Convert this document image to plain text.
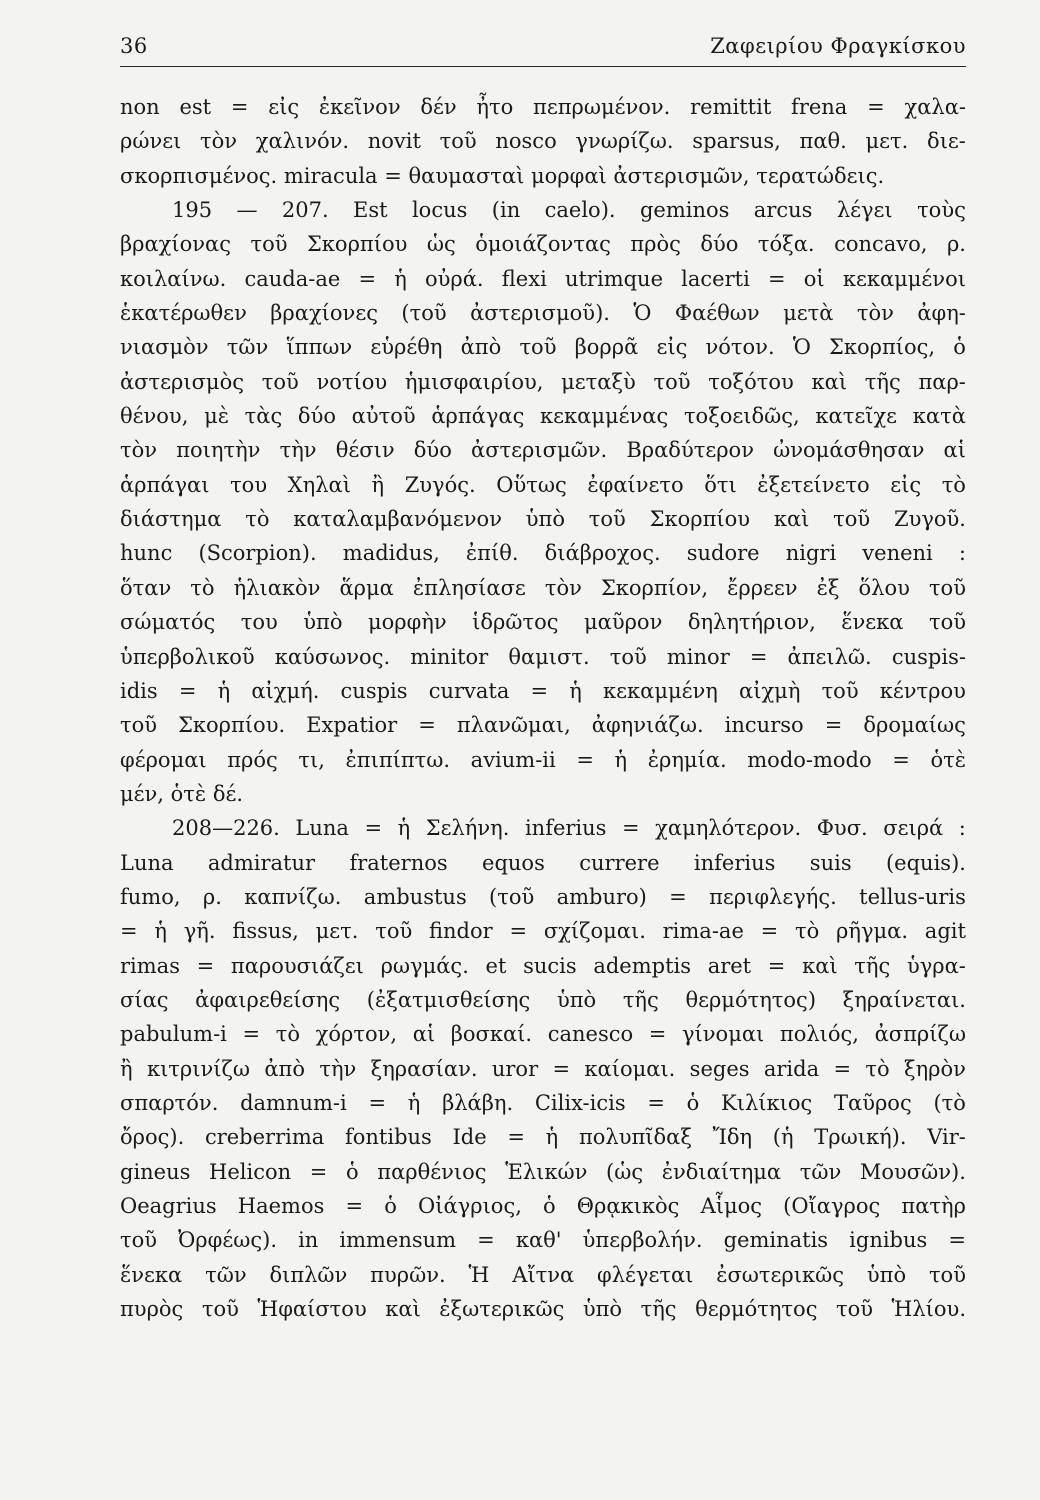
36	Ζαφειρίου Φραγκίσκου
non est = εἰς ἐκεῖνον δέν ἦτο πεπρωμένον. remittit frena = χαλα-
ρώνει τὸν χαλινόν. novit τοῦ nosco γνωρίζω. sparsus, παθ. μετ. διε-
σκορπισμένος. miracula = θαυμασταὶ μορφαὶ ἀστερισμῶν, τερατώδεις.
195 — 207. Est locus (in caelo). geminos arcus λέγει τοὺς
βραχίονας τοῦ Σκορπίου ὡς ὁμοιάζοντας πρὸς δύο τόξα. concavo, ρ.
κοιλαίνω. cauda-ae = ἡ οὐρά. flexi utrimque lacerti = οἱ κεκαμμένοι
ἑκατέρωθεν βραχίονες (τοῦ ἀστερισμοῦ). Ὁ Φαέθων μετὰ τὸν ἀφη-
νιασμὸν τῶν ἵππων εὑρέθη ἀπὸ τοῦ βορρᾶ εἰς νότον. Ὁ Σκορπίος, ὁ
ἀστερισμὸς τοῦ νοτίου ἡμισφαιρίου, μεταξὺ τοῦ τοξότου καὶ τῆς παρ-
θένου, μὲ τὰς δύο αὐτοῦ ἁρπάγας κεκαμμένας τοξοειδῶς, κατεῖχε κατὰ
τὸν ποιητὴν τὴν θέσιν δύο ἀστερισμῶν. Βραδύτερον ὠνομάσθησαν αἱ
ἁρπάγαι του Χηλαὶ ἢ Ζυγός. Οὕτως ἐφαίνετο ὅτι ἐξετείνετο εἰς τὸ
διάστημα τὸ καταλαμβανόμενον ὑπὸ τοῦ Σκορπίου καὶ τοῦ Ζυγοῦ.
hunc (Scorpion). madidus, ἐπίθ. διάβροχος. sudore nigri veneni :
ὅταν τὸ ἡλιακὸν ἅρμα ἐπλησίασε τὸν Σκορπίον, ἔρρεεν ἐξ ὅλου τοῦ
σώματός του ὑπὸ μορφὴν ἱδρῶτος μαῦρον δηλητήριον, ἕνεκα τοῦ
ὑπερβολικοῦ καύσωνος. minitor θαμιστ. τοῦ minor = ἀπειλῶ. cuspis-
idis = ἡ αἰχμή. cuspis curvata = ἡ κεκαμμένη αἰχμὴ τοῦ κέντρου
τοῦ Σκορπίου. Expatior = πλανῶμαι, ἀφηνιάζω. incurso = δρομαίως
φέρομαι πρός τι, ἐπιπίπτω. avium-ii = ἡ ἐρημία. modo-modo = ὁτὲ
μέν, ὁτὲ δέ.
208—226. Luna = ἡ Σελήνη. inferius = χαμηλότερον. Φυσ. σειρά :
Luna admiratur fraternos equos currere inferius suis (equis).
fumo, ρ. καπνίζω. ambustus (τοῦ amburo) = περιφλεγής. tellus-uris
= ἡ γῆ. fissus, μετ. τοῦ findor = σχίζομαι. rima-ae = τὸ ρῆγμα. agit
rimas = παρουσιάζει ρωγμάς. et sucis ademptis aret = καὶ τῆς ὑγρα-
σίας ἀφαιρεθείσης (ἐξατμισθείσης ὑπὸ τῆς θερμότητος) ξηραίνεται.
pabulum-i = τὸ χόρτον, αἱ βοσκαί. canesco = γίνομαι πολιός, ἀσπρίζω
ἢ κιτρινίζω ἀπὸ τὴν ξηρασίαν. uror = καίομαι. seges arida = τὸ ξηρὸν
σπαρτόν. damnum-i = ἡ βλάβη. Cilix-icis = ὁ Κιλίκιος Ταῦρος (τὸ
ὄρος). creberrima fontibus Ide = ἡ πολυπῖδαξ Ἴδη (ἡ Τρωική). Vir-
gineus Helicon = ὁ παρθένιος Ἑλικών (ὡς ἐνδιαίτημα τῶν Μουσῶν).
Oeagrius Haemos = ὁ Οἰάγριος, ὁ Θρᾳκικὸς Αἷμος (Οἴαγρος πατὴρ
τοῦ Ὀρφέως). in immensum = καθ' ὑπερβολήν. geminatis ignibus =
ἕνεκα τῶν διπλῶν πυρῶν. Ἡ Αἴτνα φλέγεται ἐσωτερικῶς ὑπὸ τοῦ
πυρὸς τοῦ Ἡφαίστου καὶ ἐξωτερικῶς ὑπὸ τῆς θερμότητος τοῦ Ἡλίου.
